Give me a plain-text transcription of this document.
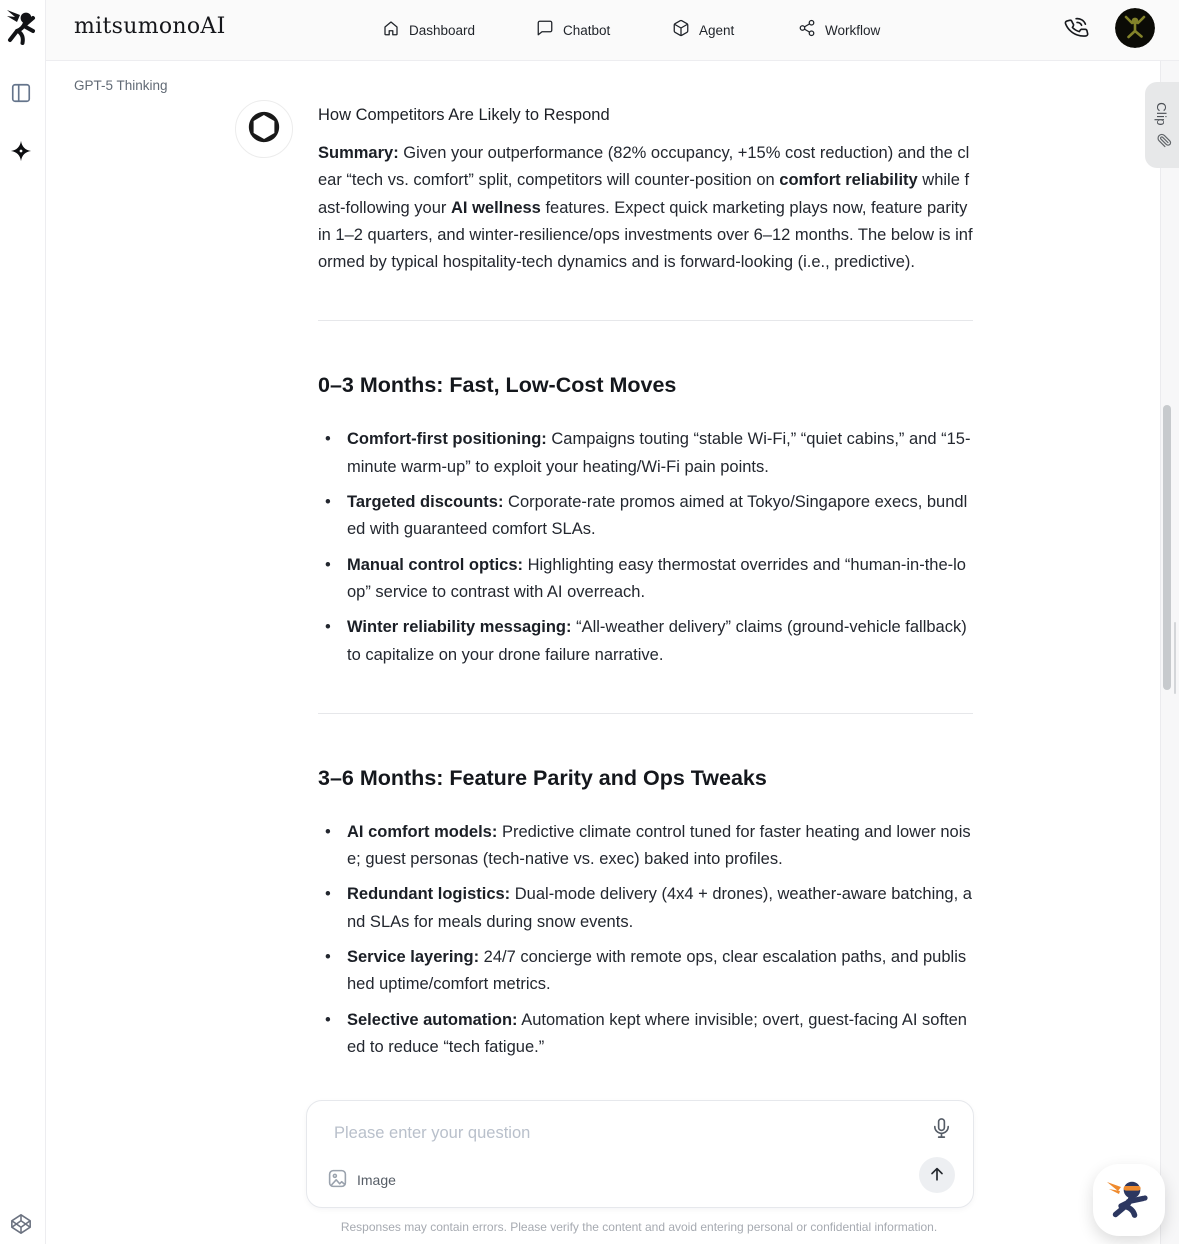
mitsumonoAI	Dashboard	Chatbot	Agent	Workflow
GPT-5 Thinking
How Competitors Are Likely to Respond

Summary: Given your outperformance (82% occupancy, +15% cost reduction) and the clear “tech vs. comfort” split, competitors will counter-position on comfort reliability while fast-following your AI wellness features. Expect quick marketing plays now, feature parity in 1–2 quarters, and winter-resilience/ops investments over 6–12 months. The below is informed by typical hospitality-tech dynamics and is forward-looking (i.e., predictive).

0–3 Months: Fast, Low-Cost Moves
• Comfort-first positioning: Campaigns touting “stable Wi-Fi,” “quiet cabins,” and “15-minute warm-up” to exploit your heating/Wi-Fi pain points.
• Targeted discounts: Corporate-rate promos aimed at Tokyo/Singapore execs, bundled with guaranteed comfort SLAs.
• Manual control optics: Highlighting easy thermostat overrides and “human-in-the-loop” service to contrast with AI overreach.
• Winter reliability messaging: “All-weather delivery” claims (ground-vehicle fallback) to capitalize on your drone failure narrative.
3–6 Months: Feature Parity and Ops Tweaks
• AI comfort models: Predictive climate control tuned for faster heating and lower noise; guest personas (tech-native vs. exec) baked into profiles.
• Redundant logistics: Dual-mode delivery (4x4 + drones), weather-aware batching, and SLAs for meals during snow events.
• Service layering: 24/7 concierge with remote ops, clear escalation paths, and published uptime/comfort metrics.
• Selective automation: Automation kept where invisible; overt, guest-facing AI softened to reduce “tech fatigue.”
Clip
Please enter your question
Image
Responses may contain errors. Please verify the content and avoid entering personal or confidential information.
